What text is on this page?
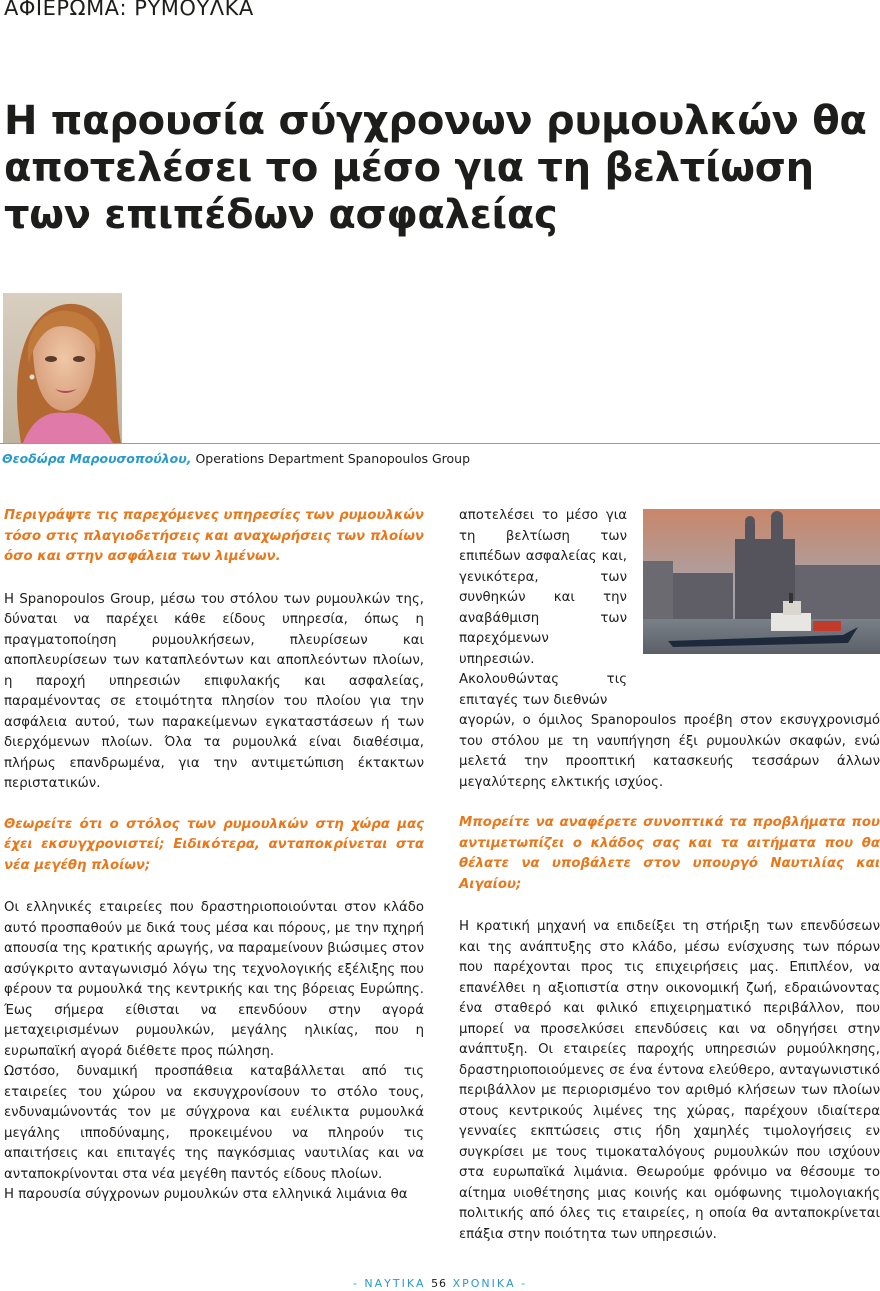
ΑΦΙΕΡΩΜΑ: ΡΥΜΟΥΛΚΑ
Η παρουσία σύγχρονων ρυμουλκών θα αποτελέσει το μέσο για τη βελτίωση των επιπέδων ασφαλείας
Θεοδώρα Μαρουσοπούλου, Operations Department Spanopoulos Group

Περιγράψτε τις παρεχόμενες υπηρεσίες των ρυμουλκών τόσο στις πλαγιοδετήσεις και αναχωρήσεις των πλοίων όσο και στην ασφάλεια των λιμένων.

Η Spanopoulos Group, μέσω του στόλου των ρυμουλκών της, δύναται να παρέχει κάθε είδους υπηρεσία, όπως η πραγματοποίηση ρυμουλκήσεων, πλευρίσεων και αποπλευρίσεων των καταπλεόντων και αποπλεόντων πλοίων, η παροχή υπηρεσιών επιφυλακής και ασφαλείας, παραμένοντας σε ετοιμότητα πλησίον του πλοίου για την ασφάλεια αυτού, των παρακείμενων εγκαταστάσεων ή των διερχόμενων πλοίων. Όλα τα ρυμουλκά είναι διαθέσιμα, πλήρως επανδρωμένα, για την αντιμετώπιση έκτακτων περιστατικών.

Θεωρείτε ότι ο στόλος των ρυμουλκών στη χώρα μας έχει εκσυγχρονιστεί; Ειδικότερα, ανταποκρίνεται στα νέα μεγέθη πλοίων;

Οι ελληνικές εταιρείες που δραστηριοποιούνται στον κλάδο αυτό προσπαθούν με δικά τους μέσα και πόρους, με την πχηρή απουσία της κρατικής αρωγής, να παραμείνουν βιώσιμες στον ασύγκριτο ανταγωνισμό λόγω της τεχνολογικής εξέλιξης που φέρουν τα ρυμουλκά της κεντρικής και της βόρειας Ευρώπης. Έως σήμερα είθισται να επενδύουν στην αγορά μεταχειρισμένων ρυμουλκών, μεγάλης ηλικίας, που η ευρωπαϊκή αγορά διέθετε προς πώληση.

Ωστόσο, δυναμική προσπάθεια καταβάλλεται από τις εταιρείες του χώρου να εκσυγχρονίσουν το στόλο τους, ενδυναμώνοντάς τον με σύγχρονα και ευέλικτα ρυμουλκά μεγάλης ιπποδύναμης, προκειμένου να πληρούν τις απαιτήσεις και επιταγές της παγκόσμιας ναυτιλίας και να ανταποκρίνονται στα νέα μεγέθη παντός είδους πλοίων.

Η παρουσία σύγχρονων ρυμουλκών στα ελληνικά λιμάνια θα

αποτελέσει το μέσο για τη βελτίωση των επιπέδων ασφαλείας και, γενικότερα, των συνθηκών και την αναβάθμιση των παρεχόμενων υπηρεσιών. Ακολουθώντας τις επιταγές των διεθνών

αγορών, ο όμιλος Spanopoulos προέβη στον εκσυγχρονισμό του στόλου με τη ναυπήγηση έξι ρυμουλκών σκαφών, ενώ μελετά την προοπτική κατασκευής τεσσάρων άλλων μεγαλύτερης ελκτικής ισχύος.

Μπορείτε να αναφέρετε συνοπτικά τα προβλήματα που αντιμετωπίζει ο κλάδος σας και τα αιτήματα που θα θέλατε να υποβάλετε στον υπουργό Ναυτιλίας και Αιγαίου;

Η κρατική μηχανή να επιδείξει τη στήριξη των επενδύσεων και της ανάπτυξης στο κλάδο, μέσω ενίσχυσης των πόρων που παρέχονται προς τις επιχειρήσεις μας. Επιπλέον, να επανέλθει η αξιοπιστία στην οικονομική ζωή, εδραιώνοντας ένα σταθερό και φιλικό επιχειρηματικό περιβάλλον, που μπορεί να προσελκύσει επενδύσεις και να οδηγήσει στην ανάπτυξη. Οι εταιρείες παροχής υπηρεσιών ρυμούλκησης, δραστηριοποιούμενες σε ένα έντονα ελεύθερο, ανταγωνιστικό περιβάλλον με περιορισμένο τον αριθμό κλήσεων των πλοίων στους κεντρικούς λιμένες της χώρας, παρέχουν ιδιαίτερα γενναίες εκπτώσεις στις ήδη χαμηλές τιμολογήσεις εν συγκρίσει με τους τιμοκαταλόγους ρυμουλκών που ισχύουν στα ευρωπαϊκά λιμάνια. Θεωρούμε φρόνιμο να θέσουμε το αίτημα υιοθέτησης μιας κοινής και ομόφωνης τιμολογιακής πολιτικής από όλες τις εταιρείες, η οποία θα ανταποκρίνεται επάξια στην ποιότητα των υπηρεσιών.

- ΝΑΥΤΙΚΑ 56 ΧΡΟΝΙΚΑ -
